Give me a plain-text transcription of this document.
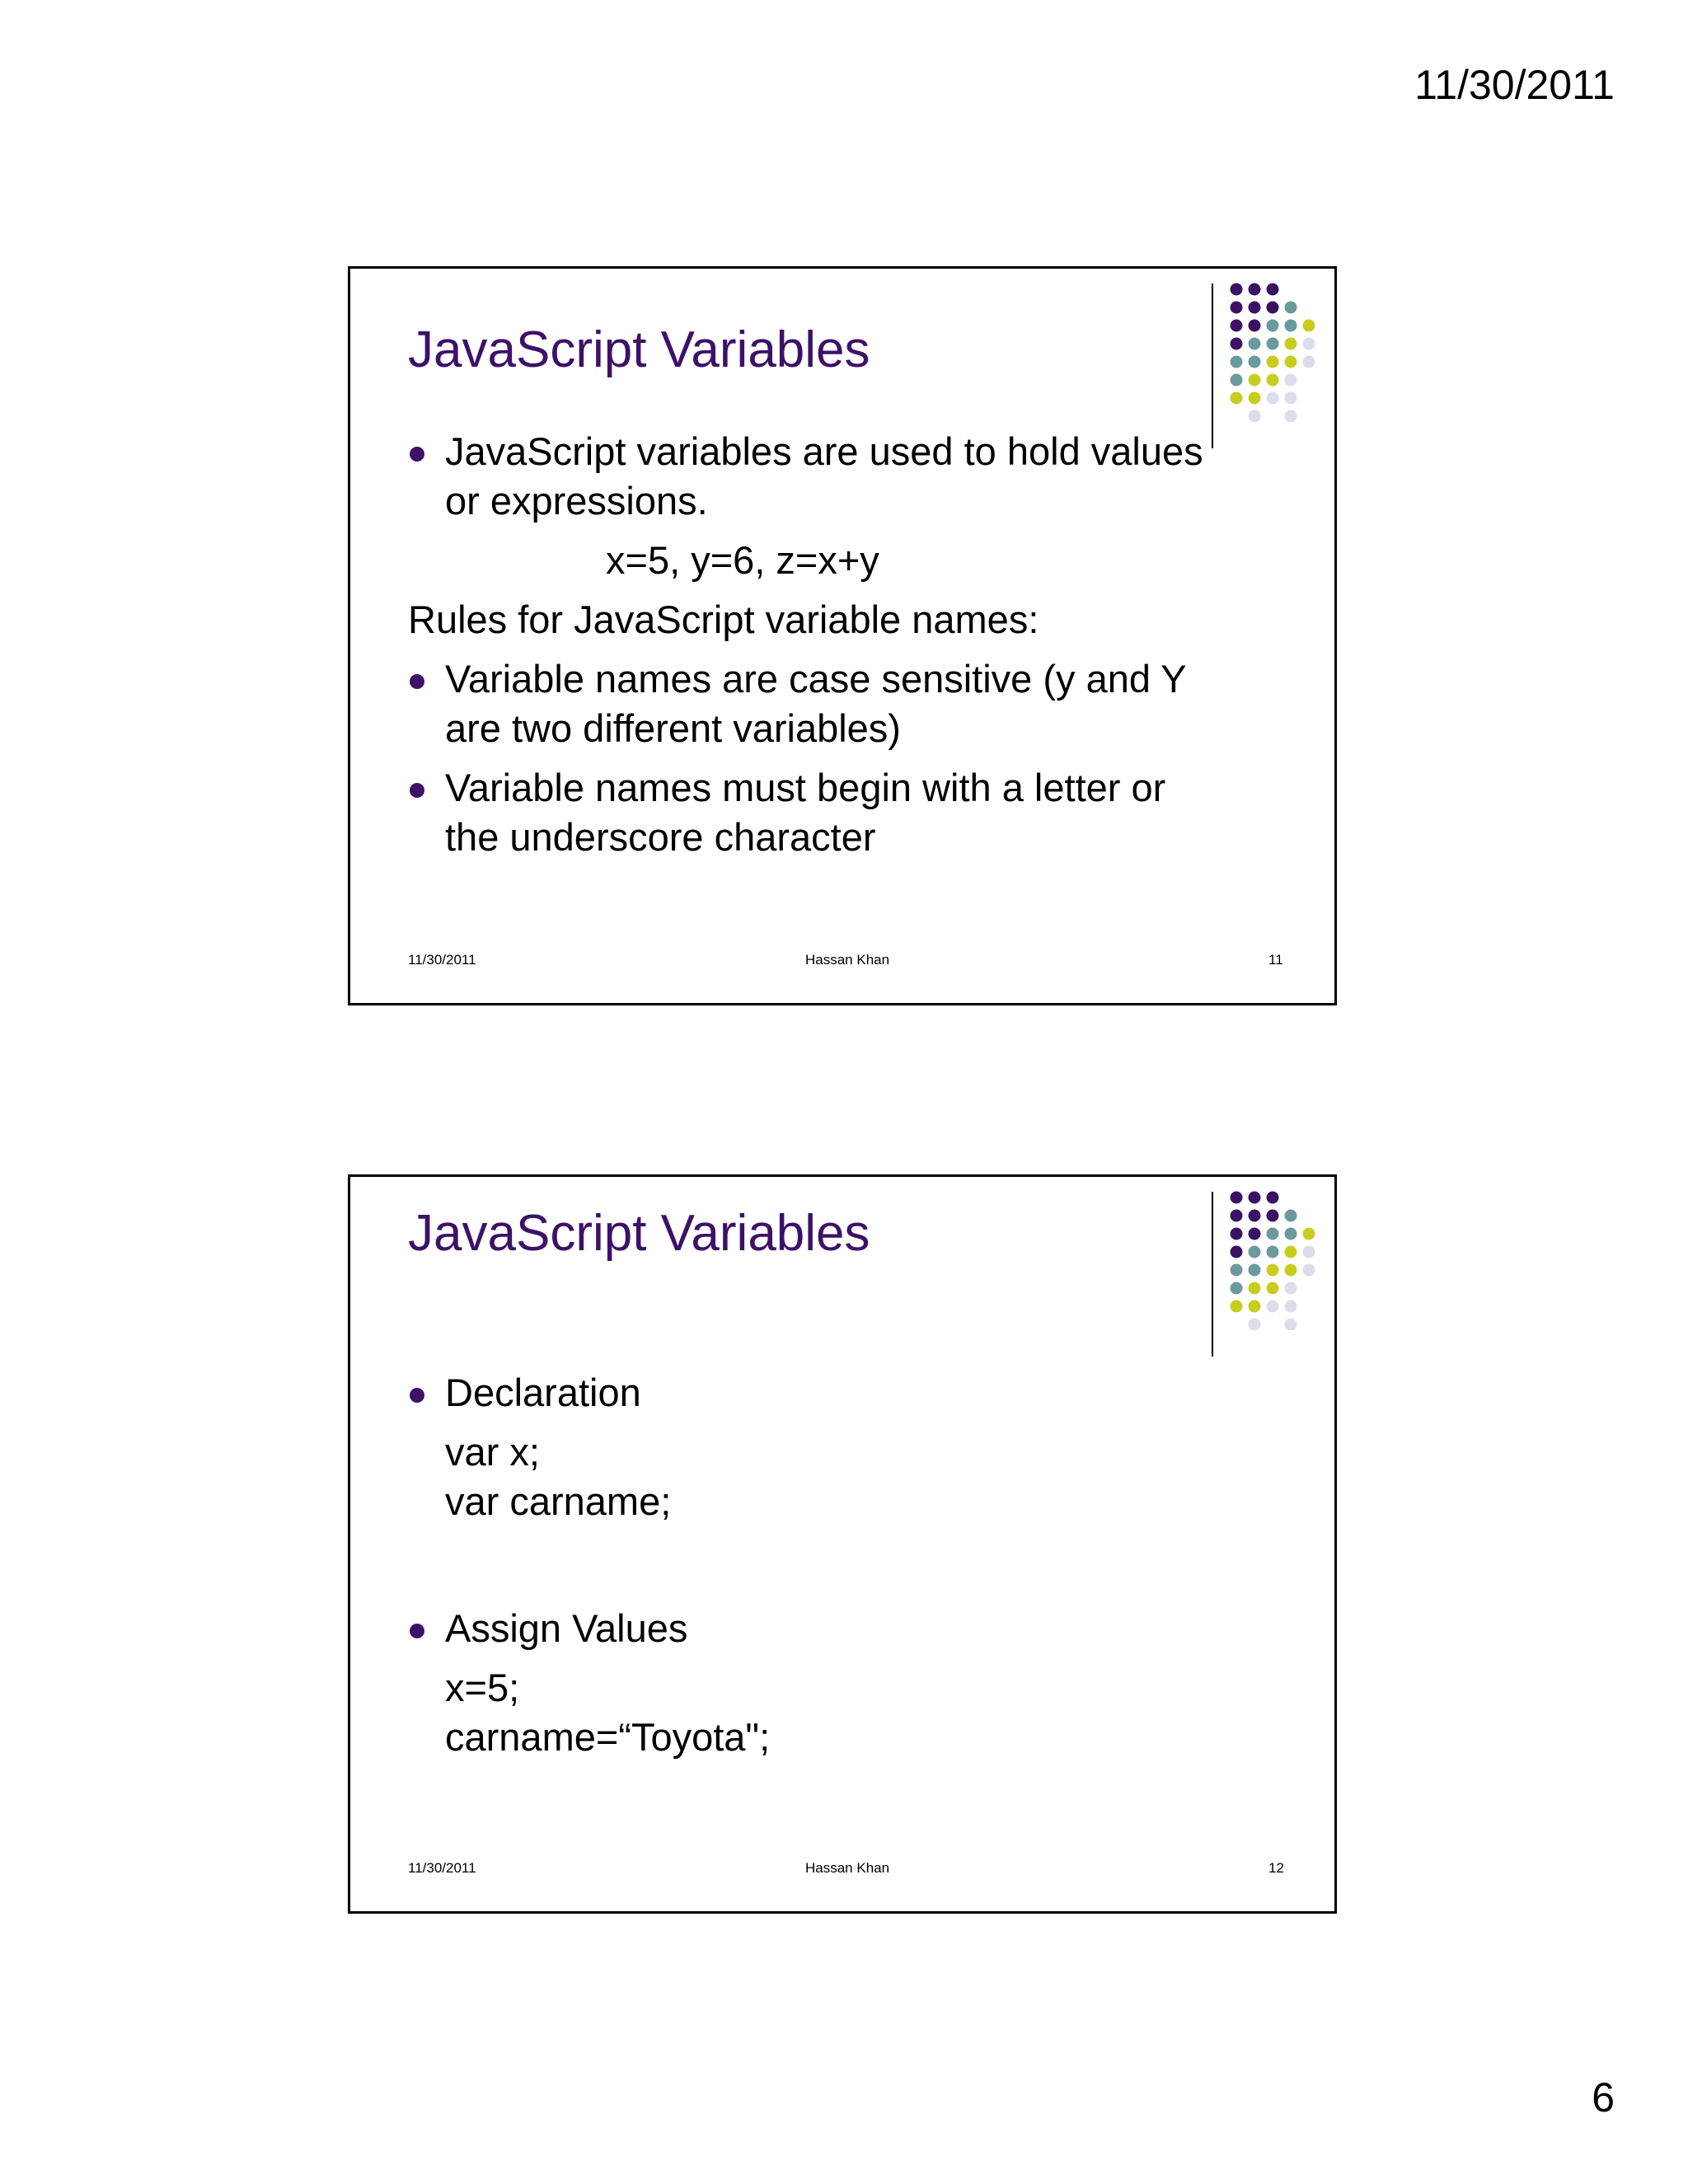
11/30/2011
JavaScript Variables
JavaScript variables are used to hold values
or expressions.
x=5, y=6, z=x+y
Rules for JavaScript variable names:
Variable names are case sensitive (y and Y
are two different variables)
Variable names must begin with a letter or
the underscore character
11/30/2011	Hassan Khan	11
JavaScript Variables
Declaration
var x;
var carname;
Assign Values
x=5;
carname=“Toyota";
11/30/2011	Hassan Khan	12
6
